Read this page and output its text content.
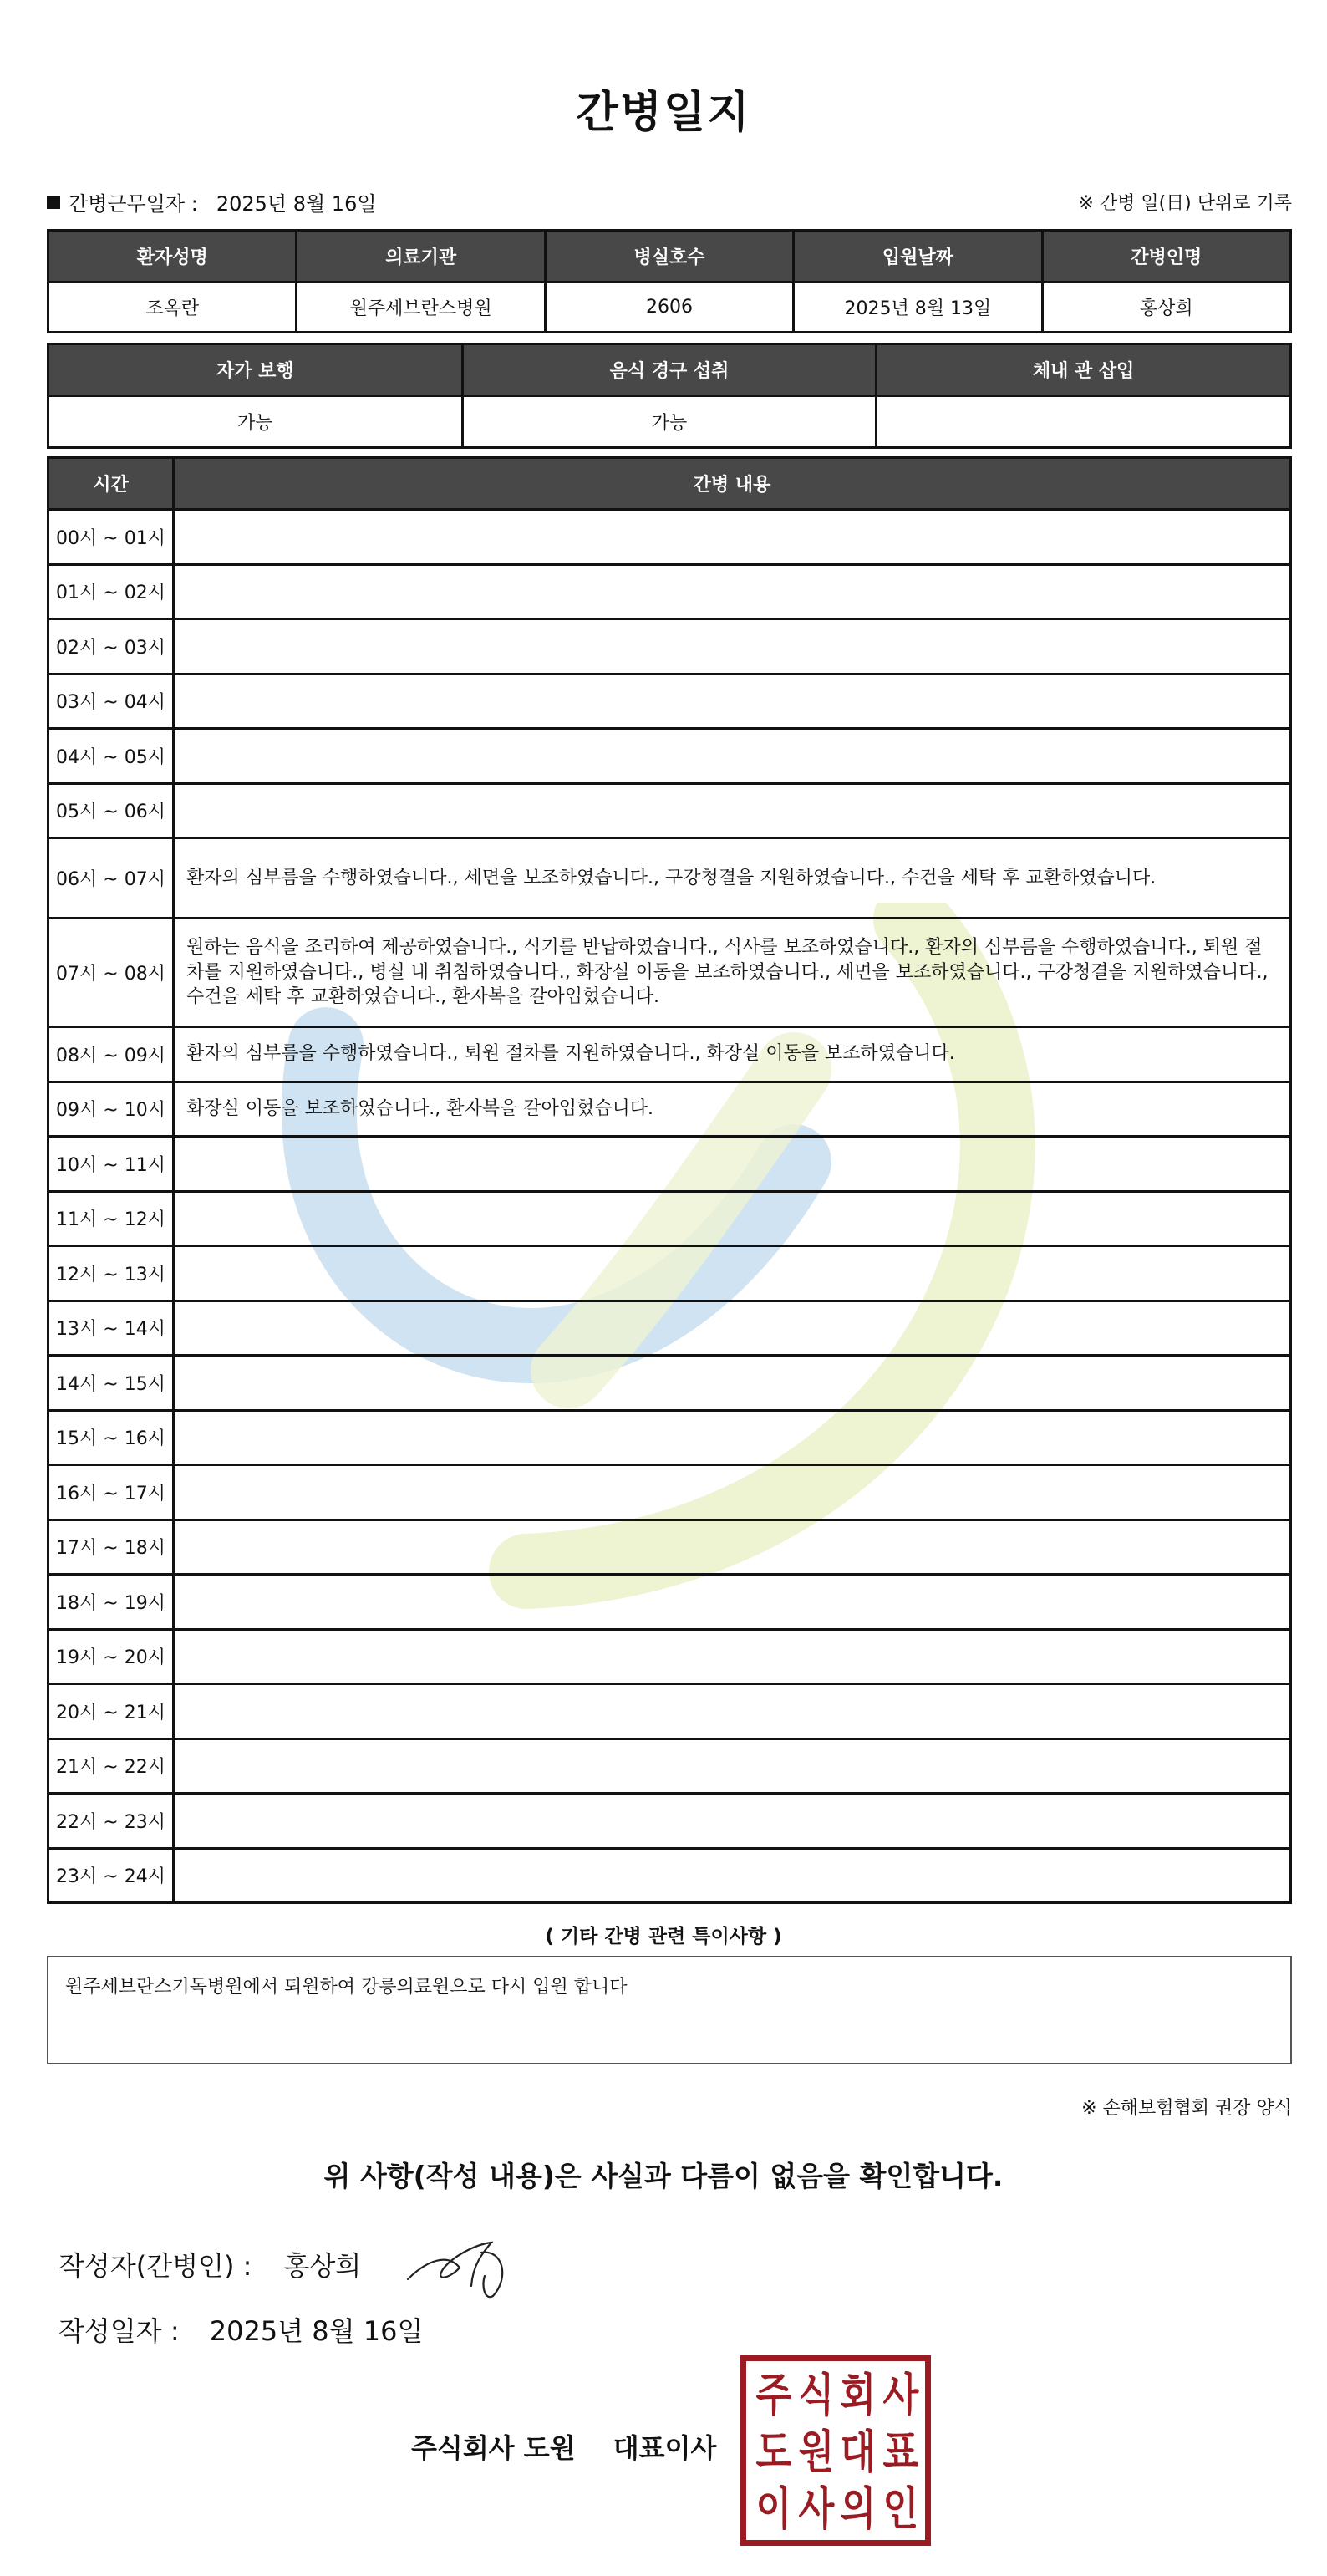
간병일지
간병근무일자 : 2025년 8월 16일	※ 간병 일(日) 단위로 기록
환자성명	의료기관	병실호수	입원날짜	간병인명
조옥란	원주세브란스병원	2606	2025년 8월 13일	홍상희
자가 보행	음식 경구 섭취	체내 관 삽입
가능	가능	
시간	간병 내용
00시 ~ 01시	
01시 ~ 02시	
02시 ~ 03시	
03시 ~ 04시	
04시 ~ 05시	
05시 ~ 06시	
06시 ~ 07시	환자의 심부름을 수행하였습니다., 세면을 보조하였습니다., 구강청결을 지원하였습니다., 수건을 세탁 후 교환하였습니다.
07시 ~ 08시	원하는 음식을 조리하여 제공하였습니다., 식기를 반납하였습니다., 식사를 보조하였습니다., 환자의 심부름을 수행하였습니다., 퇴원 절차를 지원하였습니다., 병실 내 취침하였습니다., 화장실 이동을 보조하였습니다., 세면을 보조하였습니다., 구강청결을 지원하였습니다., 수건을 세탁 후 교환하였습니다., 환자복을 갈아입혔습니다.
08시 ~ 09시	환자의 심부름을 수행하였습니다., 퇴원 절차를 지원하였습니다., 화장실 이동을 보조하였습니다.
09시 ~ 10시	화장실 이동을 보조하였습니다., 환자복을 갈아입혔습니다.
10시 ~ 11시	
11시 ~ 12시	
12시 ~ 13시	
13시 ~ 14시	
14시 ~ 15시	
15시 ~ 16시	
16시 ~ 17시	
17시 ~ 18시	
18시 ~ 19시	
19시 ~ 20시	
20시 ~ 21시	
21시 ~ 22시	
22시 ~ 23시	
23시 ~ 24시	
( 기타 간병 관련 특이사항 )
원주세브란스기독병원에서 퇴원하여 강릉의료원으로 다시 입원 합니다
※ 손해보험협회 권장 양식
위 사항(작성 내용)은 사실과 다름이 없음을 확인합니다.
작성자(간병인) : 홍상희
작성일자 : 2025년 8월 16일
주식회사 도원 대표이사
주 식 회 사
도 원 대 표
이 사 의 인
